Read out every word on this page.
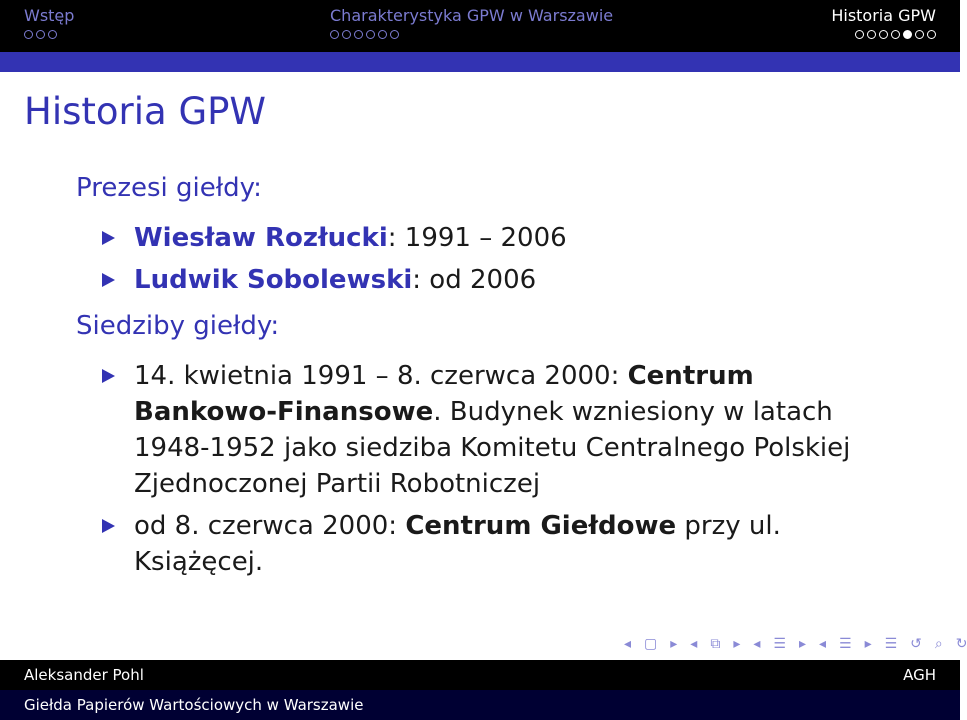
Wstęp	Charakterystyka GPW w Warszawie	Historia GPW
Historia GPW
Prezesi giełdy:
Wiesław Rozłucki: 1991 – 2006
Ludwik Sobolewski: od 2006
Siedziby giełdy:
14. kwietnia 1991 – 8. czerwca 2000: Centrum Bankowo-Finansowe. Budynek wzniesiony w latach 1948-1952 jako siedziba Komitetu Centralnego Polskiej Zjednoczonej Partii Robotniczej
od 8. czerwca 2000: Centrum Giełdowe przy ul. Książęcej.
◂ ▢ ▸ ◂ ⧉ ▸ ◂ ☰ ▸ ◂ ☰ ▸ ☰ ↺ ⌕ ↻
Aleksander Pohl	AGH
Giełda Papierów Wartościowych w Warszawie
